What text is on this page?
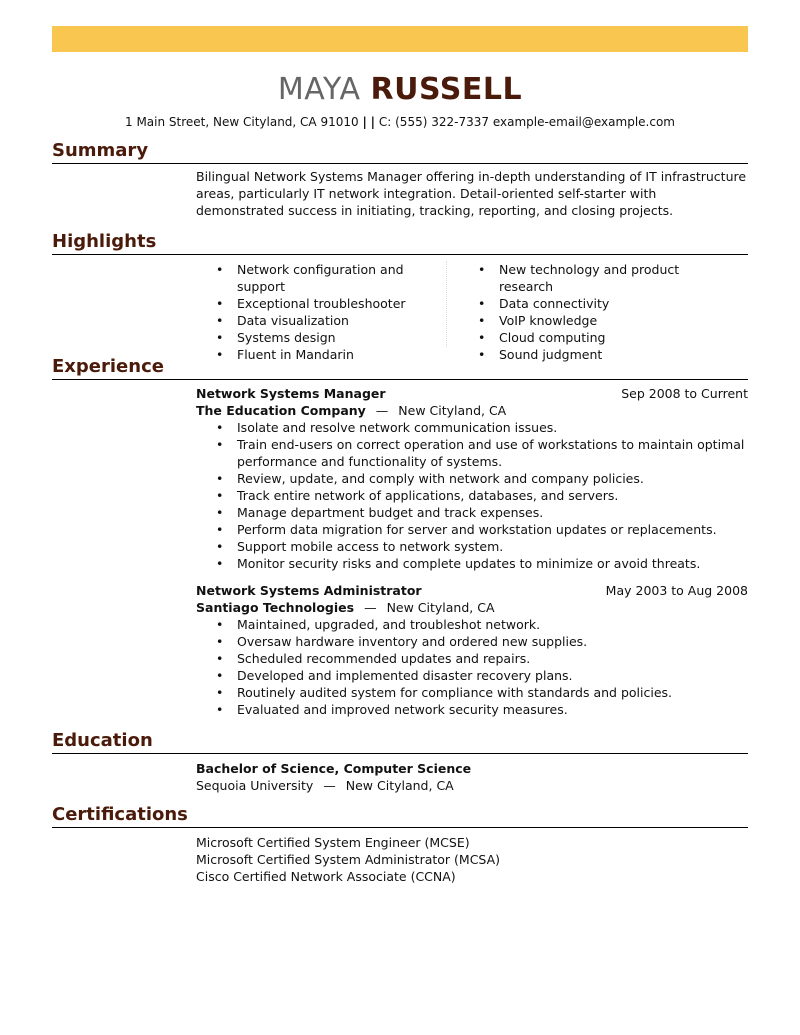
MAYA RUSSELL
1 Main Street, New Cityland, CA 91010 | | C: (555) 322-7337 example-email@example.com
Summary
Bilingual Network Systems Manager offering in-depth understanding of IT infrastructure areas, particularly IT network integration. Detail-oriented self-starter with demonstrated success in initiating, tracking, reporting, and closing projects.
Highlights
• Network configuration and support
• Exceptional troubleshooter
• Data visualization
• Systems design
• Fluent in Mandarin
• New technology and product research
• Data connectivity
• VoIP knowledge
• Cloud computing
• Sound judgment
Experience
Network Systems Manager	Sep 2008 to Current
The Education Company — New Cityland, CA
• Isolate and resolve network communication issues.
• Train end-users on correct operation and use of workstations to maintain optimal performance and functionality of systems.
• Review, update, and comply with network and company policies.
• Track entire network of applications, databases, and servers.
• Manage department budget and track expenses.
• Perform data migration for server and workstation updates or replacements.
• Support mobile access to network system.
• Monitor security risks and complete updates to minimize or avoid threats.
Network Systems Administrator	May 2003 to Aug 2008
Santiago Technologies — New Cityland, CA
• Maintained, upgraded, and troubleshot network.
• Oversaw hardware inventory and ordered new supplies.
• Scheduled recommended updates and repairs.
• Developed and implemented disaster recovery plans.
• Routinely audited system for compliance with standards and policies.
• Evaluated and improved network security measures.
Education
Bachelor of Science, Computer Science
Sequoia University — New Cityland, CA
Certifications
Microsoft Certified System Engineer (MCSE)
Microsoft Certified System Administrator (MCSA)
Cisco Certified Network Associate (CCNA)
